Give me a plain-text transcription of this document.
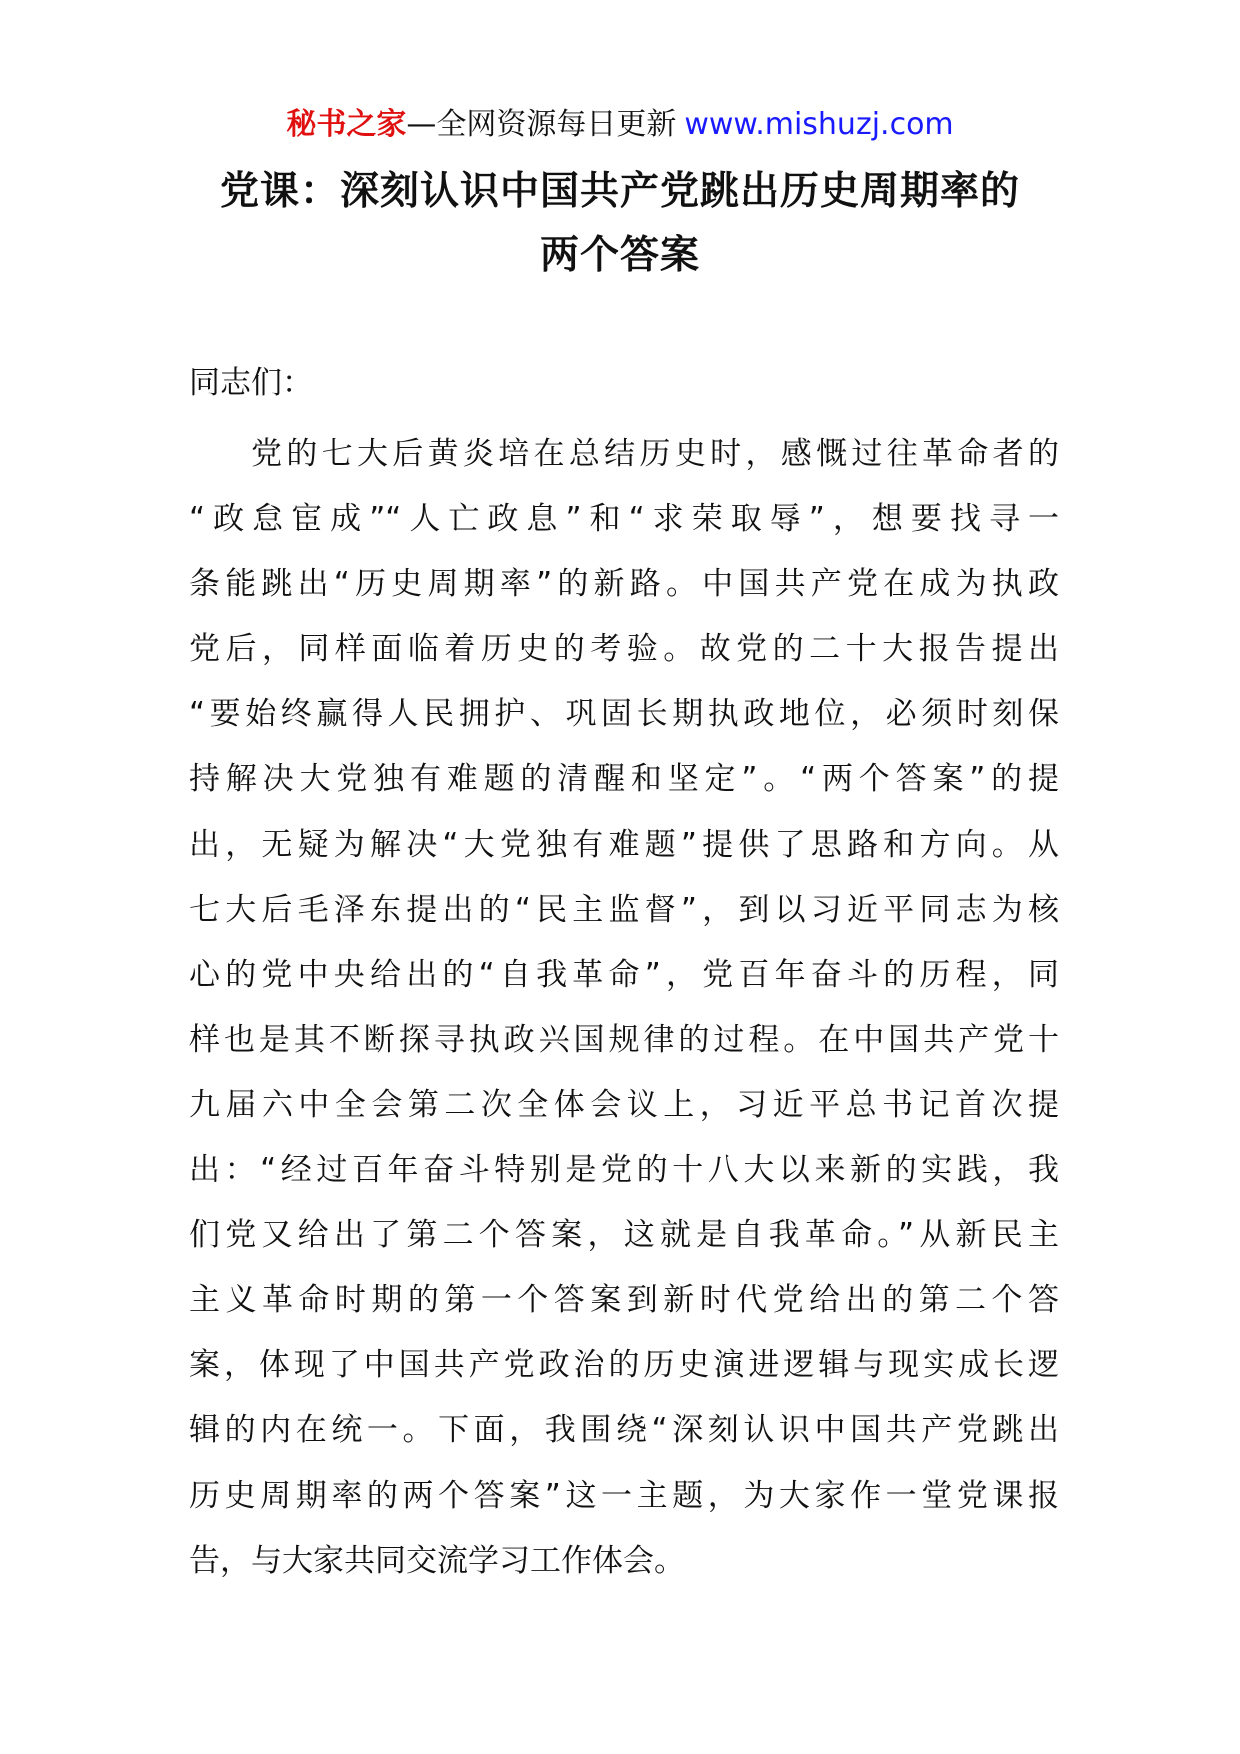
秘书之家—全网资源每日更新 www.mishuzj.com
党课：深刻认识中国共产党跳出历史周期率的
两个答案
同志们：
党的七大后黄炎培在总结历史时，感慨过往革命者的
“政怠宦成”“人亡政息”和“求荣取辱”，想要找寻一
条能跳出“历史周期率”的新路。中国共产党在成为执政
党后，同样面临着历史的考验。故党的二十大报告提出
“要始终赢得人民拥护、巩固长期执政地位，必须时刻保
持解决大党独有难题的清醒和坚定”。“两个答案”的提
出，无疑为解决“大党独有难题”提供了思路和方向。从
七大后毛泽东提出的“民主监督”，到以习近平同志为核
心的党中央给出的“自我革命”，党百年奋斗的历程，同
样也是其不断探寻执政兴国规律的过程。在中国共产党十
九届六中全会第二次全体会议上，习近平总书记首次提
出：“经过百年奋斗特别是党的十八大以来新的实践，我
们党又给出了第二个答案，这就是自我革命。”从新民主
主义革命时期的第一个答案到新时代党给出的第二个答
案，体现了中国共产党政治的历史演进逻辑与现实成长逻
辑的内在统一。下面，我围绕“深刻认识中国共产党跳出
历史周期率的两个答案”这一主题，为大家作一堂党课报
告，与大家共同交流学习工作体会。
